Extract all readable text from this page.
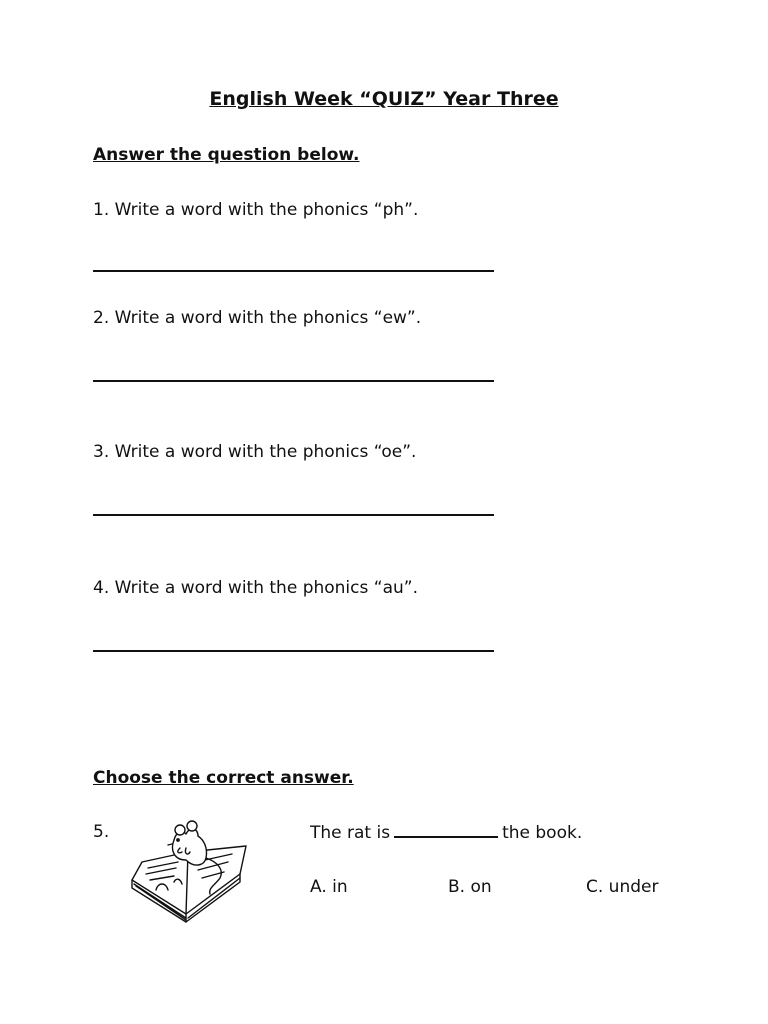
English Week “QUIZ” Year Three
Answer the question below.
1. Write a word with the phonics “ph”.
2. Write a word with the phonics “ew”.
3. Write a word with the phonics “oe”.
4. Write a word with the phonics “au”.
Choose the correct answer.
5.	The rat is	the book.
A. in	B. on	C. under
